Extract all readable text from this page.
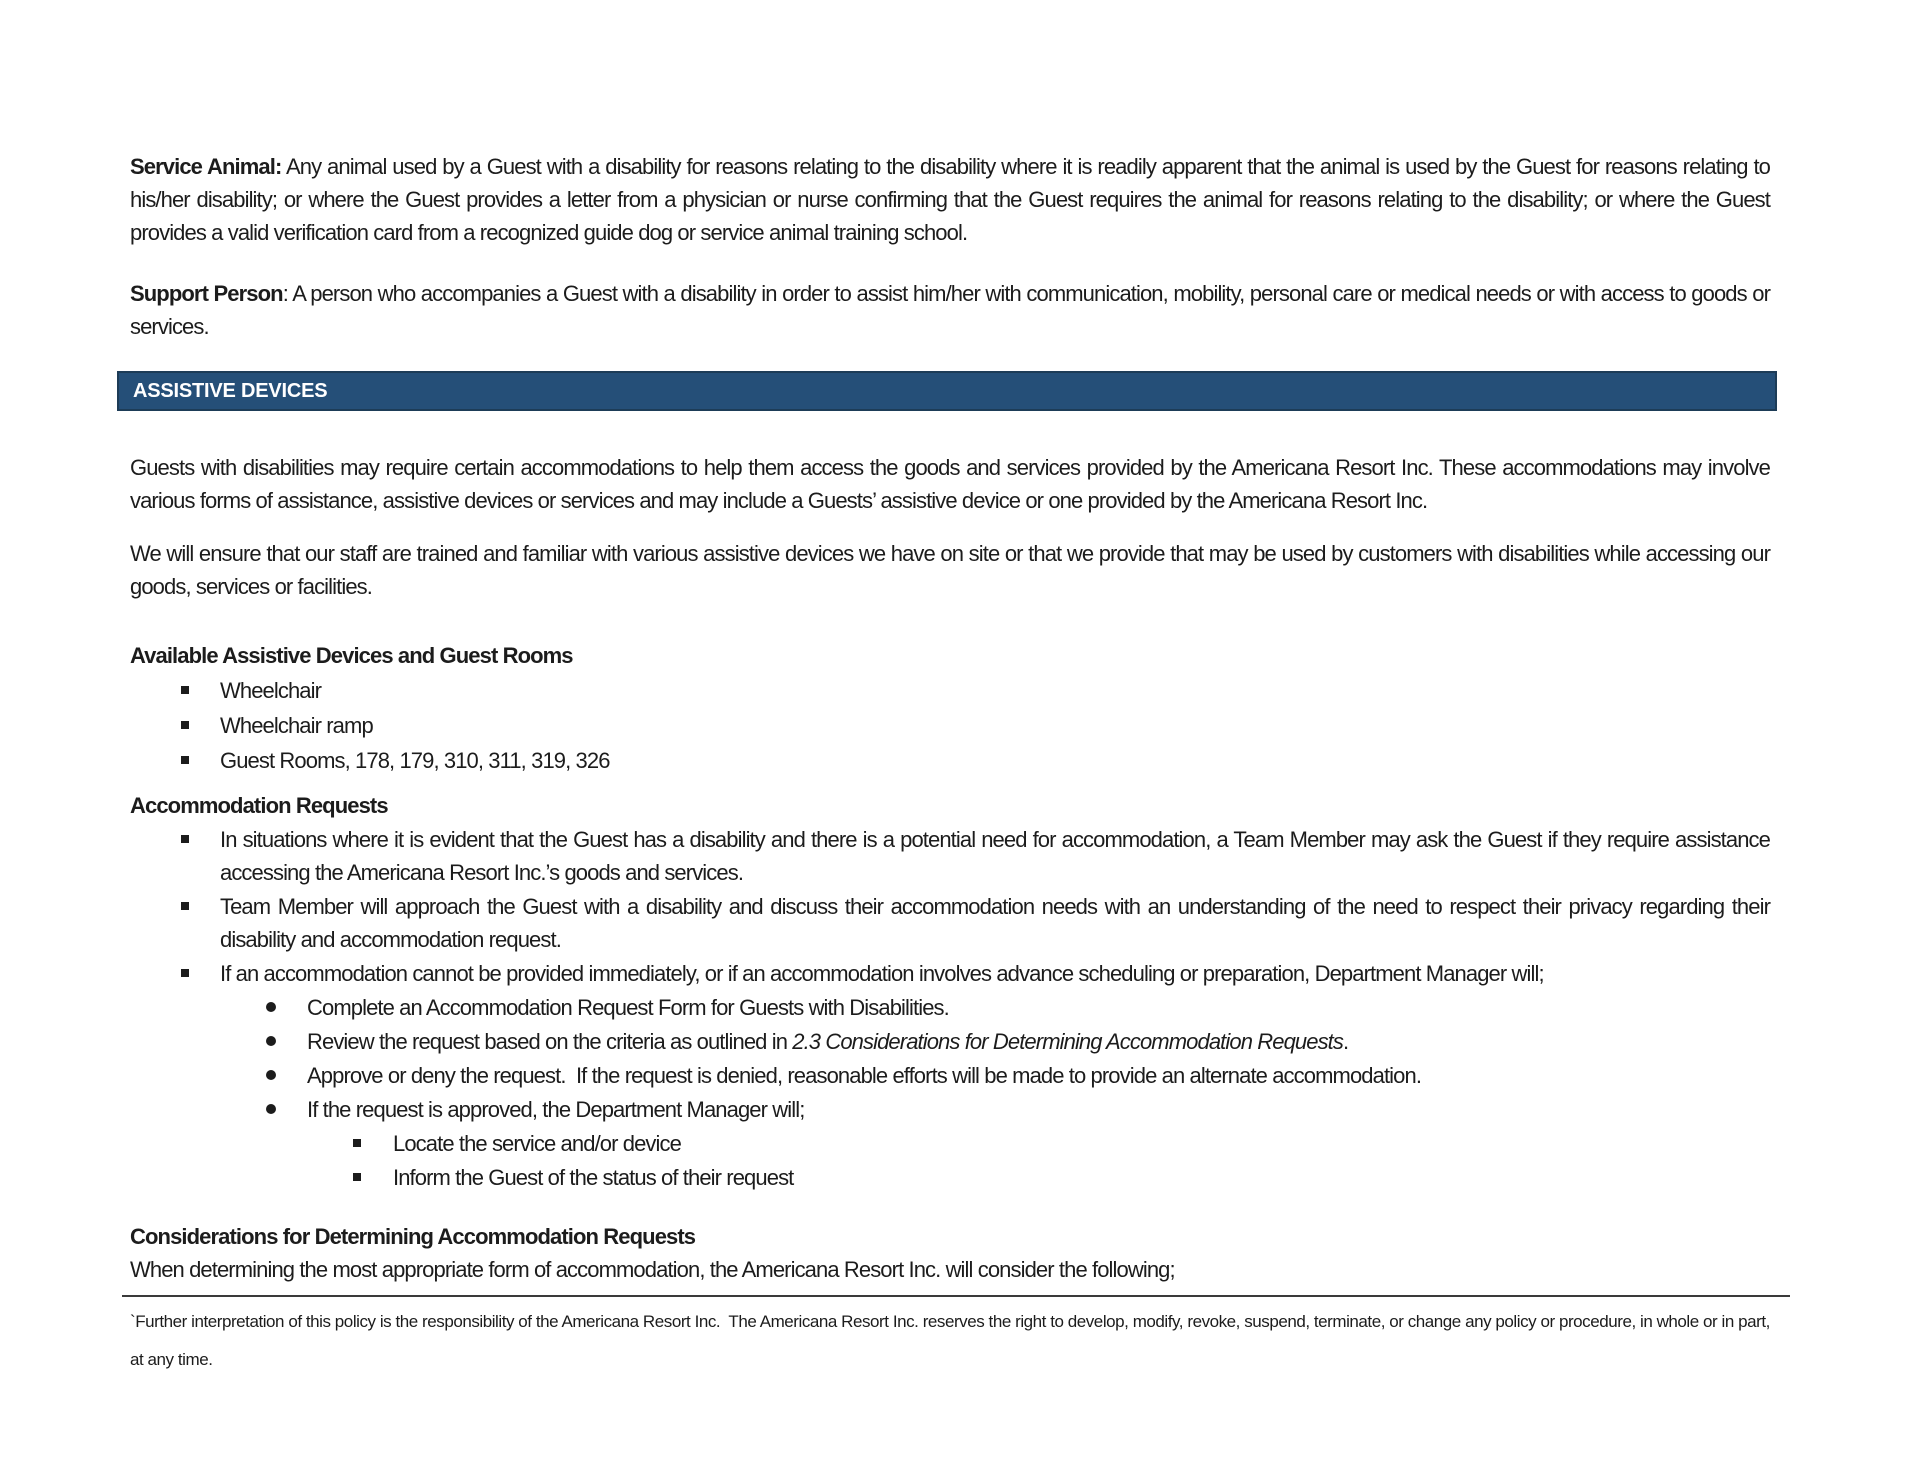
Service Animal: Any animal used by a Guest with a disability for reasons relating to the disability where it is readily apparent that the animal is used by the Guest for reasons relating to his/her disability; or where the Guest provides a letter from a physician or nurse confirming that the Guest requires the animal for reasons relating to the disability; or where the Guest provides a valid verification card from a recognized guide dog or service animal training school.

Support Person: A person who accompanies a Guest with a disability in order to assist him/her with communication, mobility, personal care or medical needs or with access to goods or services.

ASSISTIVE DEVICES

Guests with disabilities may require certain accommodations to help them access the goods and services provided by the Americana Resort Inc. These accommodations may involve various forms of assistance, assistive devices or services and may include a Guests’ assistive device or one provided by the Americana Resort Inc.

We will ensure that our staff are trained and familiar with various assistive devices we have on site or that we provide that may be used by customers with disabilities while accessing our goods, services or facilities.

Available Assistive Devices and Guest Rooms
Wheelchair
Wheelchair ramp
Guest Rooms, 178, 179, 310, 311, 319, 326
Accommodation Requests
In situations where it is evident that the Guest has a disability and there is a potential need for accommodation, a Team Member may ask the Guest if they require assistance accessing the Americana Resort Inc.’s goods and services.
Team Member will approach the Guest with a disability and discuss their accommodation needs with an understanding of the need to respect their privacy regarding their disability and accommodation request.
If an accommodation cannot be provided immediately, or if an accommodation involves advance scheduling or preparation, Department Manager will;
Complete an Accommodation Request Form for Guests with Disabilities.
Review the request based on the criteria as outlined in 2.3 Considerations for Determining Accommodation Requests.
Approve or deny the request.  If the request is denied, reasonable efforts will be made to provide an alternate accommodation.
If the request is approved, the Department Manager will;
Locate the service and/or device
Inform the Guest of the status of their request
Considerations for Determining Accommodation Requests

When determining the most appropriate form of accommodation, the Americana Resort Inc. will consider the following;

`Further interpretation of this policy is the responsibility of the Americana Resort Inc.  The Americana Resort Inc. reserves the right to develop, modify, revoke, suspend, terminate, or change any policy or procedure, in whole or in part, at any time.
